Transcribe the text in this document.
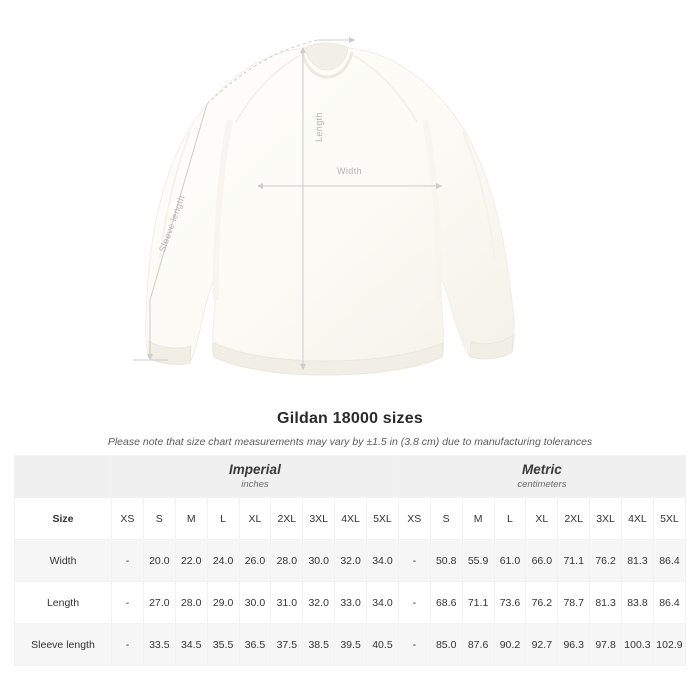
Length
Width
Sleeve length
Gildan 18000 sizes
Please note that size chart measurements may vary by ±1.5 in (3.8 cm) due to manufacturing tolerances

	Imperial
inches									Metric
centimeters								

Size	XS	S	M	L	XL	2XL	3XL	4XL	5XL	XS	S	M	L	XL	2XL	3XL	4XL	5XL
Width	-	20.0	22.0	24.0	26.0	28.0	30.0	32.0	34.0	-	50.8	55.9	61.0	66.0	71.1	76.2	81.3	86.4
Length	-	27.0	28.0	29.0	30.0	31.0	32.0	33.0	34.0	-	68.6	71.1	73.6	76.2	78.7	81.3	83.8	86.4
Sleeve length	-	33.5	34.5	35.5	36.5	37.5	38.5	39.5	40.5	-	85.0	87.6	90.2	92.7	96.3	97.8	100.3	102.9
